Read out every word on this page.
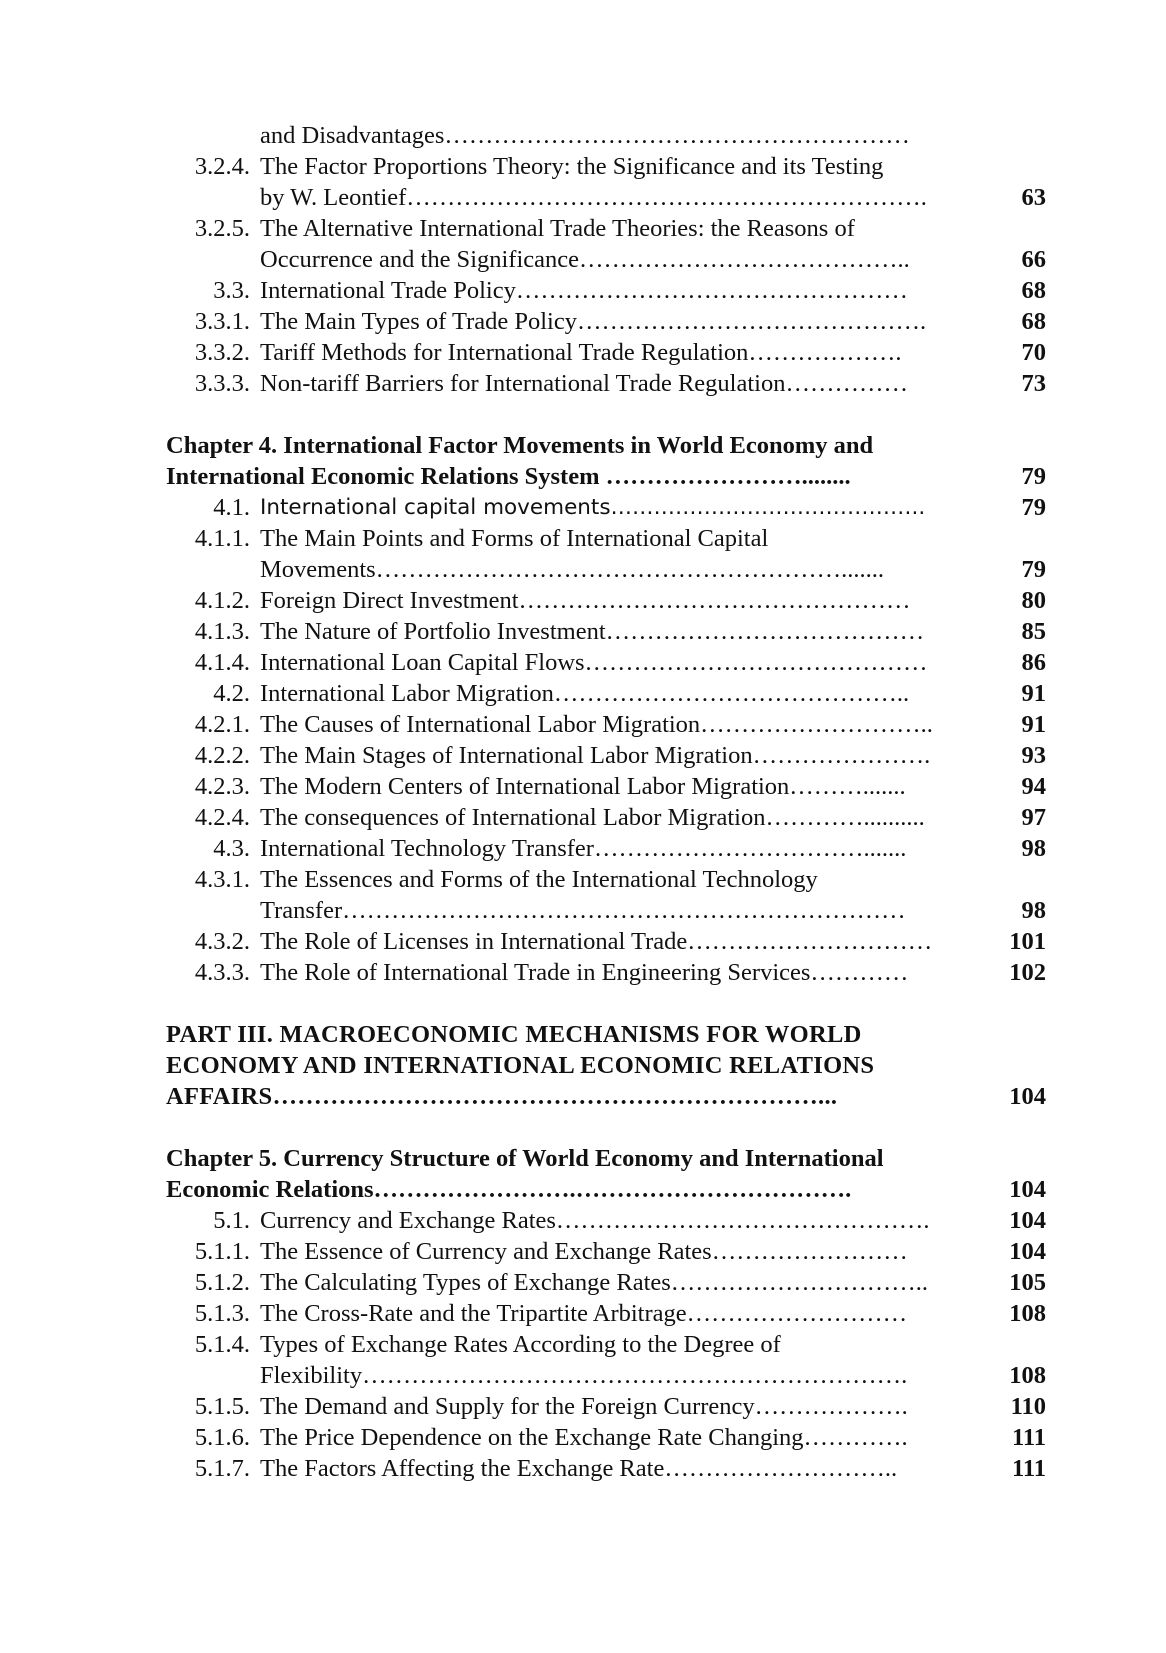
and Disadvantages…………………………………………………
3.2.4. The Factor Proportions Theory: the Significance and its Testing
by W. Leontief……………………………………………………….	63
3.2.5. The Alternative International Trade Theories: the Reasons of
Occurrence and the Significance…………………………………..	66
3.3. International Trade Policy…………………………………………	68
3.3.1. The Main Types of Trade Policy…………………………………….	68
3.3.2. Tariff Methods for International Trade Regulation……………….	70
3.3.3. Non-tariff Barriers for International Trade Regulation……………	73
Chapter 4. International Factor Movements in World Economy and
International Economic Relations System ……………………........	79
4.1. International capital movements……………………………………..	79
4.1.1. The Main Points and Forms of International Capital
Movements………………………………………………….......	79
4.1.2. Foreign Direct Investment…………………………………………	80
4.1.3. The Nature of Portfolio Investment…………………………………	85
4.1.4. International Loan Capital Flows……………………………………	86
4.2. International Labor Migration……………………………………..	91
4.2.1. The Causes of International Labor Migration………………………..	91
4.2.2. The Main Stages of International Labor Migration………………….	93
4.2.3. The Modern Centers of International Labor Migration……….......	94
4.2.4. The consequences of International Labor Migration…………..........	97
4.3. International Technology Transfer…………………………….......	98
4.3.1. The Essences and Forms of the International Technology
Transfer……………………………………………………………	98
4.3.2. The Role of Licenses in International Trade…………………………	101
4.3.3. The Role of International Trade in Engineering Services…………	102
PART III. MACROECONOMIC MECHANISMS FOR WORLD
ECONOMY AND INTERNATIONAL ECONOMIC RELATIONS
AFFAIRS…………………………………………………………...	104
Chapter 5. Currency Structure of World Economy and International
Economic Relations…………………….…………………………….	104
5.1. Currency and Exchange Rates……………………………………….	104
5.1.1. The Essence of Currency and Exchange Rates……………………	104
5.1.2. The Calculating Types of Exchange Rates…………………………..	105
5.1.3. The Cross-Rate and the Tripartite Arbitrage………………………	108
5.1.4. Types of Exchange Rates According to the Degree of
Flexibility………………………………………………………….	108
5.1.5. The Demand and Supply for the Foreign Currency……………….	110
5.1.6. The Price Dependence on the Exchange Rate Changing………….	111
5.1.7. The Factors Affecting the Exchange Rate………………………..	111
